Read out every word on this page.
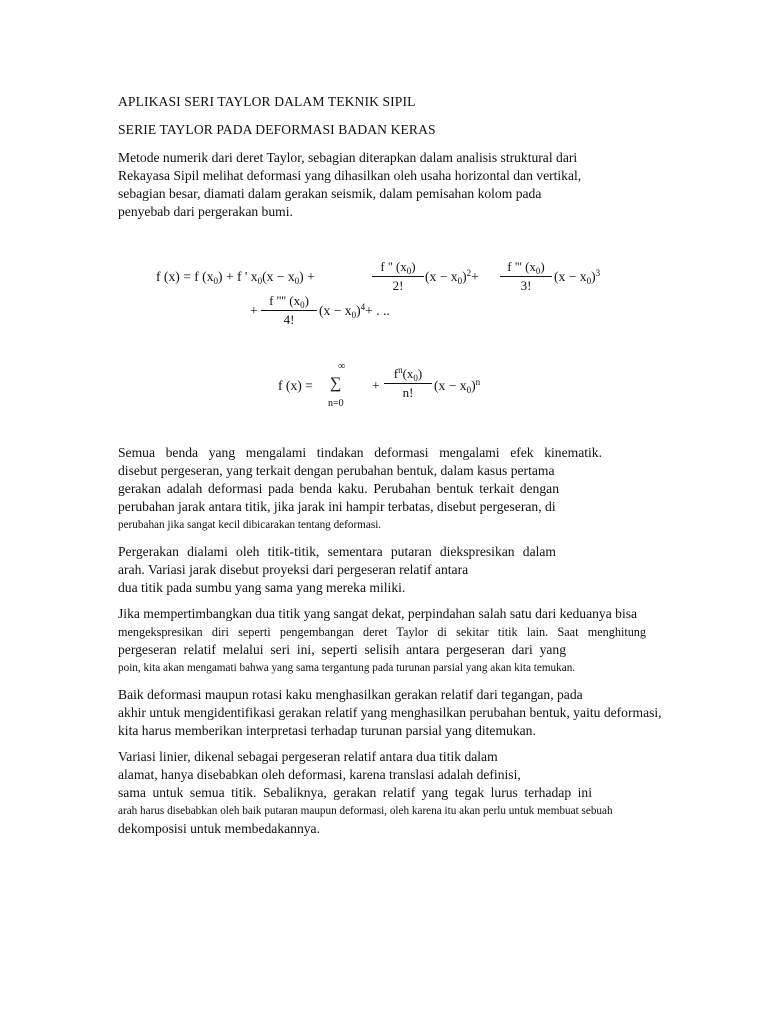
APLIKASI SERI TAYLOR DALAM TEKNIK SIPIL
SERIE TAYLOR PADA DEFORMASI BADAN KERAS
Metode numerik dari deret Taylor, sebagian diterapkan dalam analisis struktural dari
Rekayasa Sipil melihat deformasi yang dihasilkan oleh usaha horizontal dan vertikal,
sebagian besar, diamati dalam gerakan seismik, dalam pemisahan kolom pada
penyebab dari pergerakan bumi.
f (x) = f $(x_0) + f$ ' $x_0(x - x_0)$ +	$\frac{f '' (x_0)}{2!} (x - x_0)^2+ \frac{f ''' (x_0)}{3!} (x - x_0)^3$
+ $\frac{f '''' (x_0)}{4!} (x - x_0)^4+$ . ..
f (x) =
∞
∑
n=0
+ $\frac{f^n(x_0)}{n!} (x - x_0)^n$
Semua benda yang mengalami tindakan deformasi mengalami efek kinematik.
disebut pergeseran, yang terkait dengan perubahan bentuk, dalam kasus pertama
gerakan adalah deformasi pada benda kaku. Perubahan bentuk terkait dengan
perubahan jarak antara titik, jika jarak ini hampir terbatas, disebut pergeseran, di
perubahan jika sangat kecil dibicarakan tentang deformasi.
Pergerakan dialami oleh titik-titik, sementara putaran diekspresikan dalam
arah. Variasi jarak disebut proyeksi dari pergeseran relatif antara
dua titik pada sumbu yang sama yang mereka miliki.
Jika mempertimbangkan dua titik yang sangat dekat, perpindahan salah satu dari keduanya bisa
mengekspresikan diri seperti pengembangan deret Taylor di sekitar titik lain. Saat menghitung
pergeseran relatif melalui seri ini, seperti selisih antara pergeseran dari yang
poin, kita akan mengamati bahwa yang sama tergantung pada turunan parsial yang akan kita temukan.
Baik deformasi maupun rotasi kaku menghasilkan gerakan relatif dari tegangan, pada
akhir untuk mengidentifikasi gerakan relatif yang menghasilkan perubahan bentuk, yaitu deformasi,
kita harus memberikan interpretasi terhadap turunan parsial yang ditemukan.
Variasi linier, dikenal sebagai pergeseran relatif antara dua titik dalam
alamat, hanya disebabkan oleh deformasi, karena translasi adalah definisi,
sama untuk semua titik. Sebaliknya, gerakan relatif yang tegak lurus terhadap ini
arah harus disebabkan oleh baik putaran maupun deformasi, oleh karena itu akan perlu untuk membuat sebuah
dekomposisi untuk membedakannya.
